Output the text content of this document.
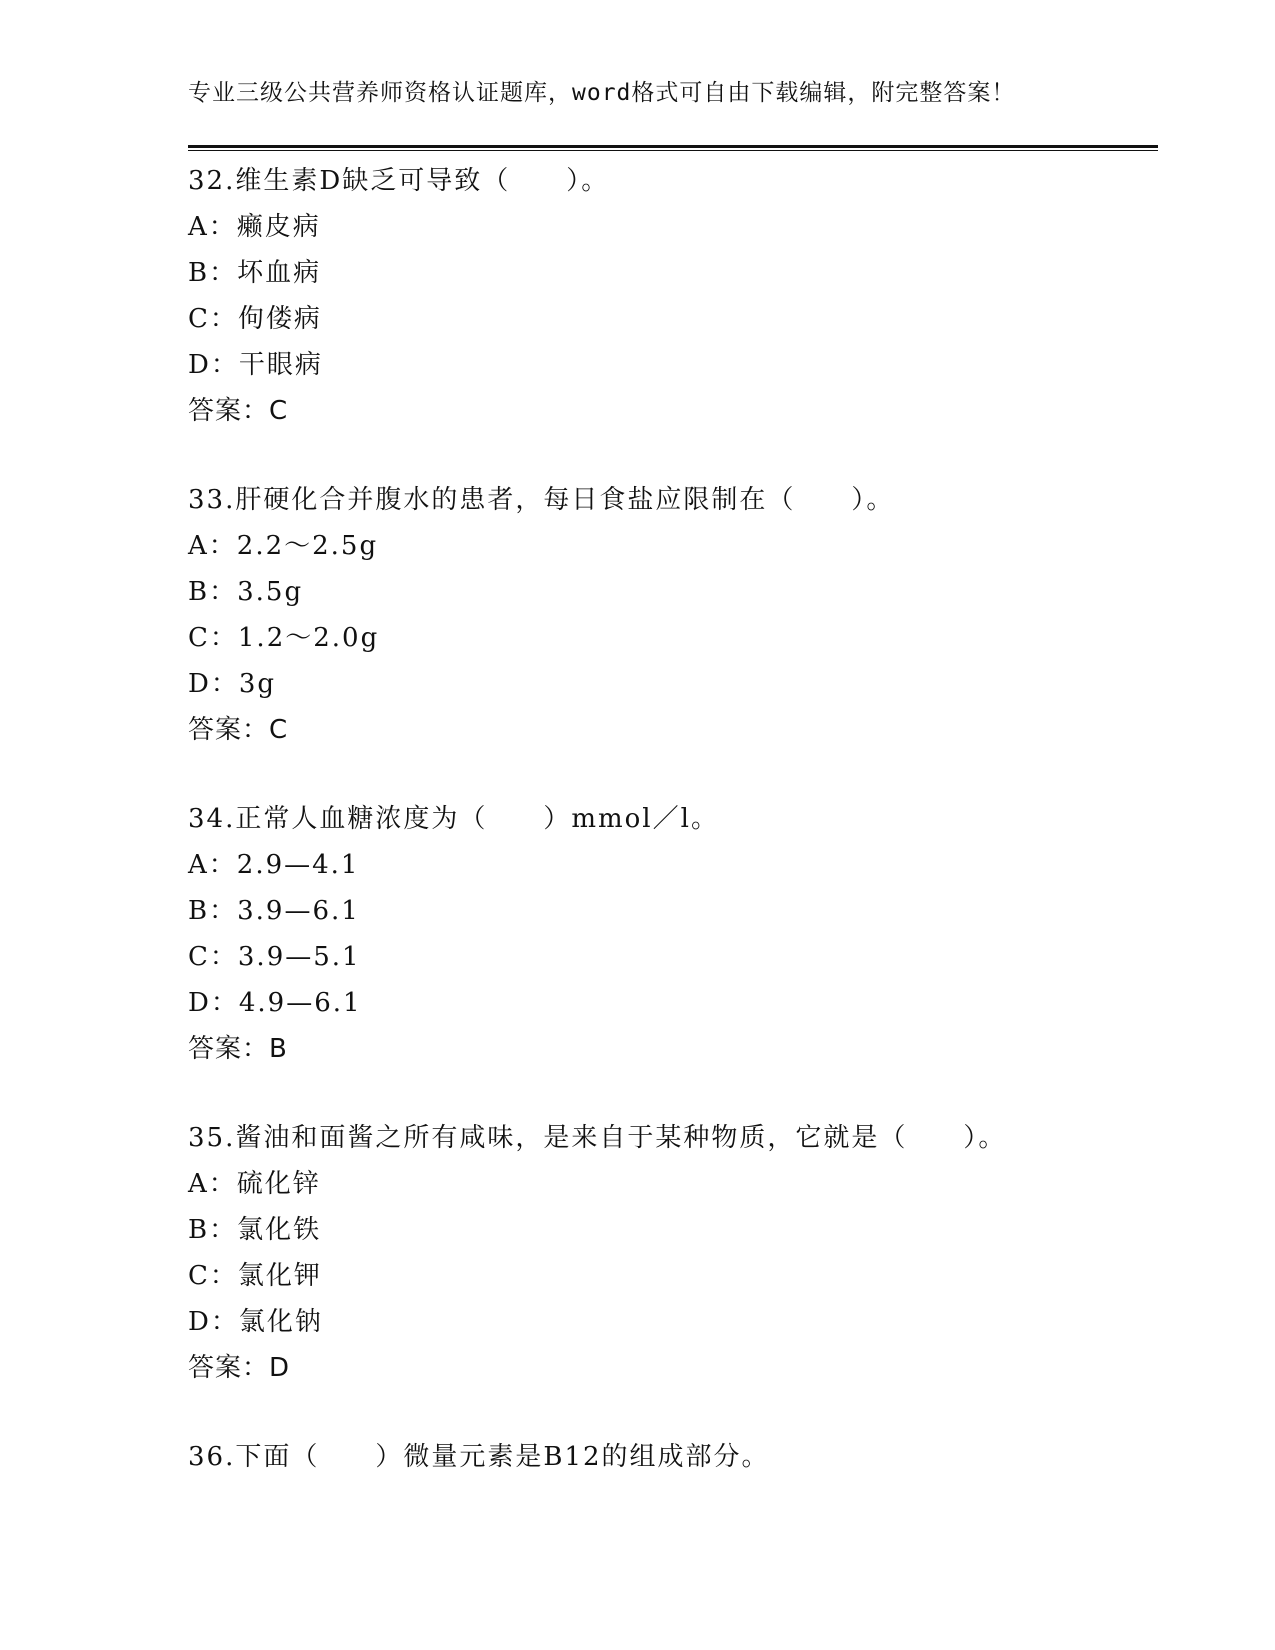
专业三级公共营养师资格认证题库，word格式可自由下载编辑，附完整答案！
32.维生素D缺乏可导致（　　）。
A：癞皮病
B：坏血病
C：佝偻病
D：干眼病
答案：C
33.肝硬化合并腹水的患者，每日食盐应限制在（　　）。
A：2.2～2.5g
B：3.5g
C：1.2～2.0g
D：3g
答案：C
34.正常人血糖浓度为（　　）mmol／l。
A：2.9—4.1
B：3.9—6.1
C：3.9—5.1
D：4.9—6.1
答案：B
35.酱油和面酱之所有咸味，是来自于某种物质，它就是（　　）。
A：硫化锌
B：氯化铁
C：氯化钾
D：氯化钠
答案：D
36.下面（　　）微量元素是B12的组成部分。
